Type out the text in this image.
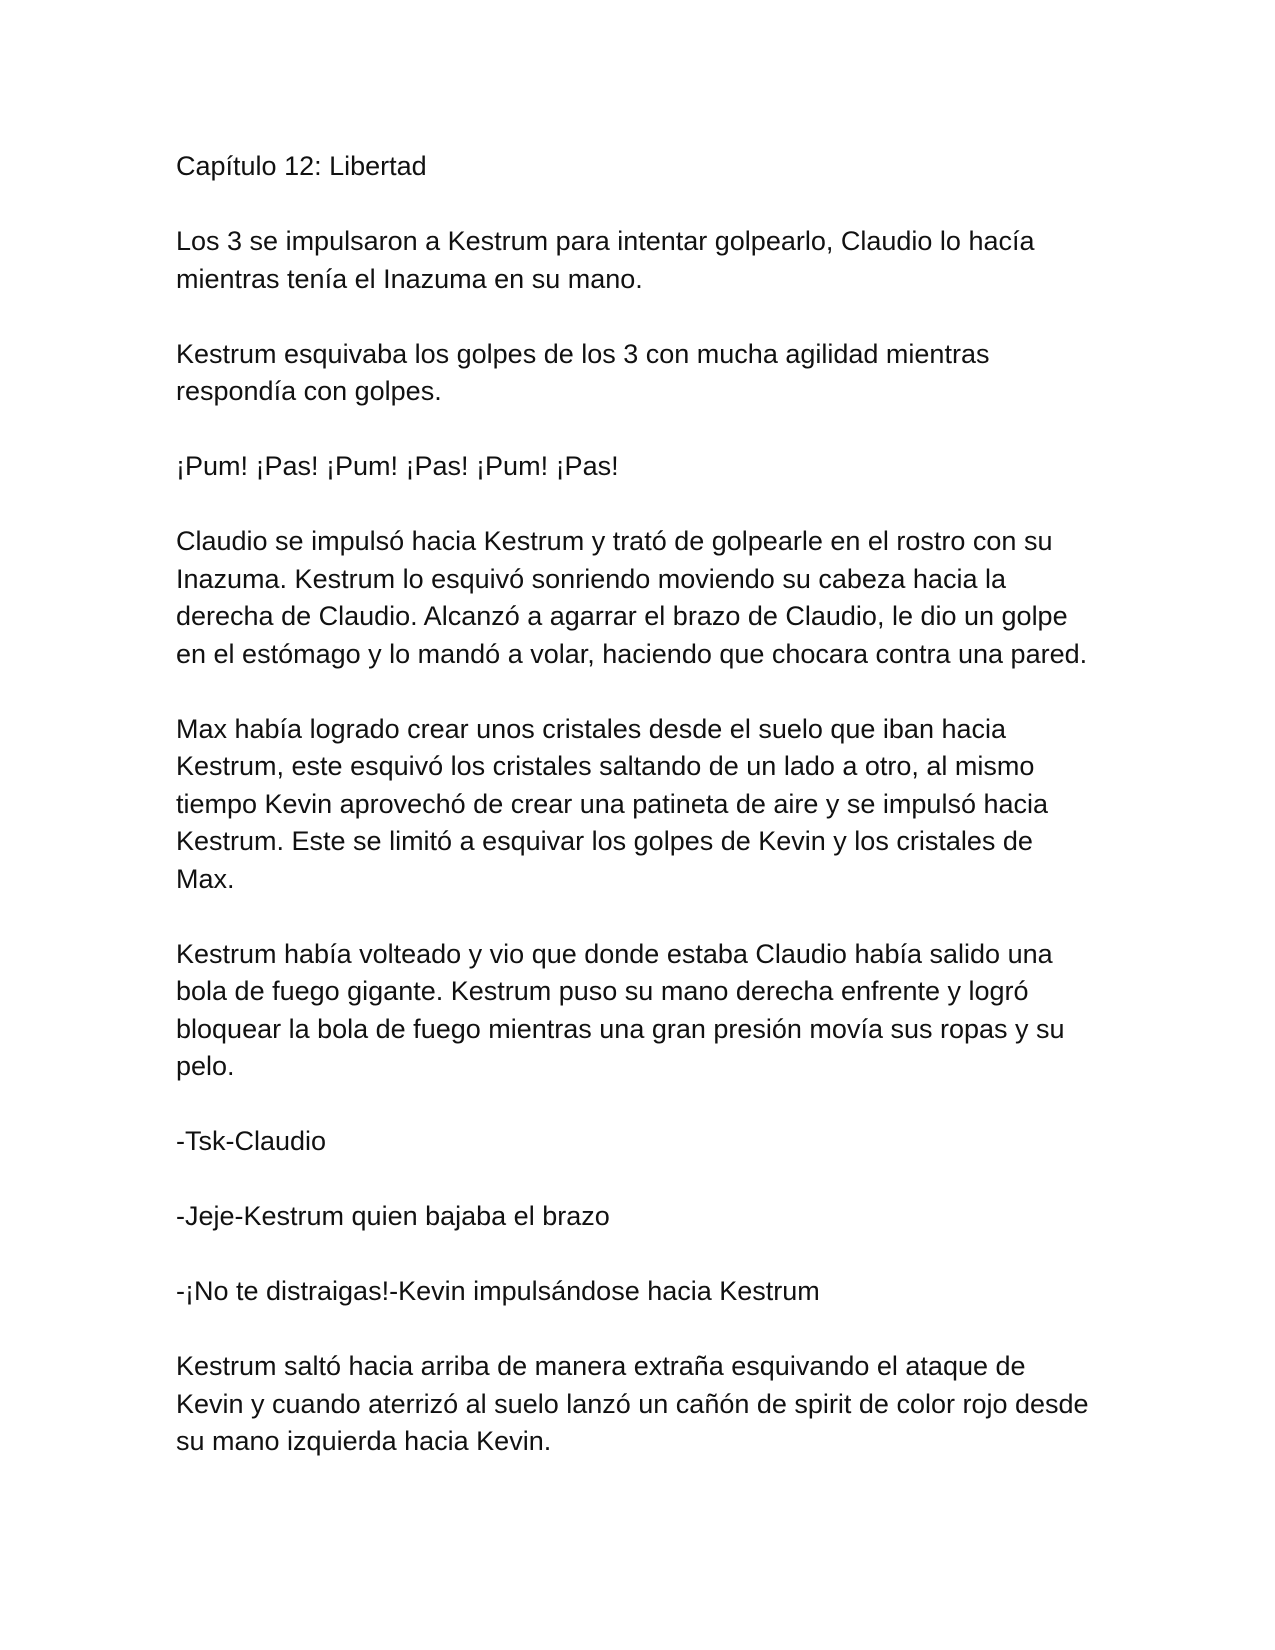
Capítulo 12: Libertad

Los 3 se impulsaron a Kestrum para intentar golpearlo, Claudio lo hacía mientras tenía el Inazuma en su mano.

Kestrum esquivaba los golpes de los 3 con mucha agilidad mientras respondía con golpes.

¡Pum! ¡Pas! ¡Pum! ¡Pas! ¡Pum! ¡Pas!

Claudio se impulsó hacia Kestrum y trató de golpearle en el rostro con su Inazuma. Kestrum lo esquivó sonriendo moviendo su cabeza hacia la derecha de Claudio. Alcanzó a agarrar el brazo de Claudio, le dio un golpe en el estómago y lo mandó a volar, haciendo que chocara contra una pared.

Max había logrado crear unos cristales desde el suelo que iban hacia Kestrum, este esquivó los cristales saltando de un lado a otro, al mismo tiempo Kevin aprovechó de crear una patineta de aire y se impulsó hacia Kestrum. Este se limitó a esquivar los golpes de Kevin y los cristales de Max.

Kestrum había volteado y vio que donde estaba Claudio había salido una bola de fuego gigante. Kestrum puso su mano derecha enfrente y logró bloquear la bola de fuego mientras una gran presión movía sus ropas y su pelo.

-Tsk-Claudio

-Jeje-Kestrum quien bajaba el brazo

-¡No te distraigas!-Kevin impulsándose hacia Kestrum

Kestrum saltó hacia arriba de manera extraña esquivando el ataque de Kevin y cuando aterrizó al suelo lanzó un cañón de spirit de color rojo desde su mano izquierda hacia Kevin.
